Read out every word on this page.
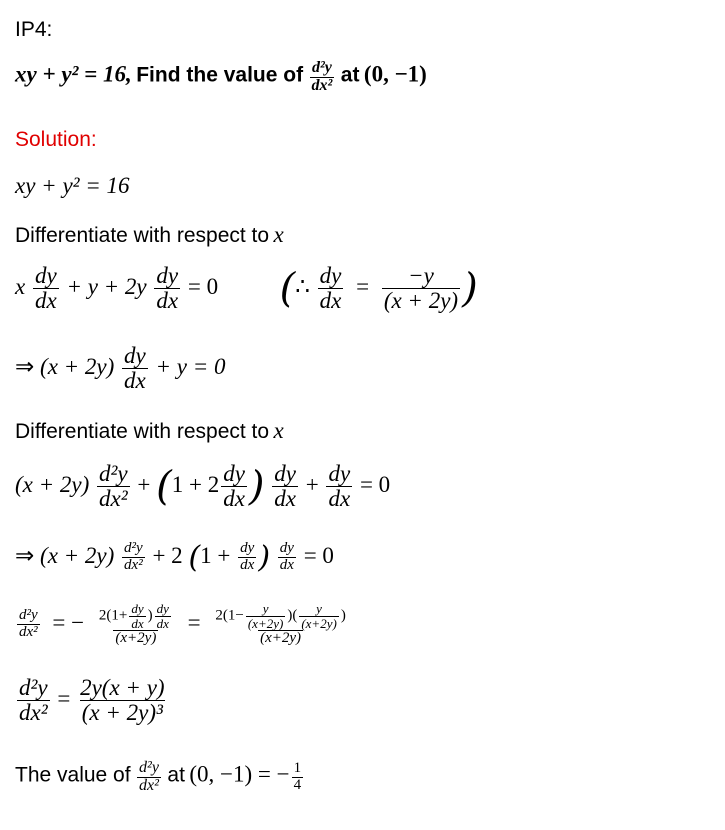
IP4:
xy + y² = 16, Find the value of $\frac{\text{d²y}}{\text{dx²}}$ at (0, −1)
Solution:
xy + y² = 16
Differentiate with respect to x
x $\frac{dy}{dx} + y + 2y \frac{dy}{dx} = 0$ (∴ $\frac{dy}{dx} = \frac{-y}{(x + 2y)}$ )
⇒ $(x + 2y) \frac{dy}{dx} + y = 0$
Differentiate with respect to x
$(x + 2y) \frac{\text{d²y}}{\text{dx²}} + (1 + 2 \frac{dy}{dx}$ ) $\frac{dy}{dx} + \frac{dy}{dx} = 0$
⇒ $(x + 2y) \frac{\text{d²y}}{\text{dx²}} + 2$ ($1 + \frac{dy}{dx}$ ) $\frac{dy}{dx} = 0$
$\frac{\text{d²y}}{\text{dx²}}$ = − $\frac{2(1+ \frac{dy}{dx} ) \frac{dy}{dx}}{(x+2y)} = 2(1- \frac{y}{(x+2y)}$ )( $\frac{y}{(x+2y)}$ )
(x+2y)
$\frac{\text{d²y}}{\text{dx²}} = \frac{2y(x + y)}{\text{(x + 2y)³}}$
The value of $\frac{\text{d²y}}{\text{dx²}}$ at (0, −1) = − $\frac{1}{4}$
